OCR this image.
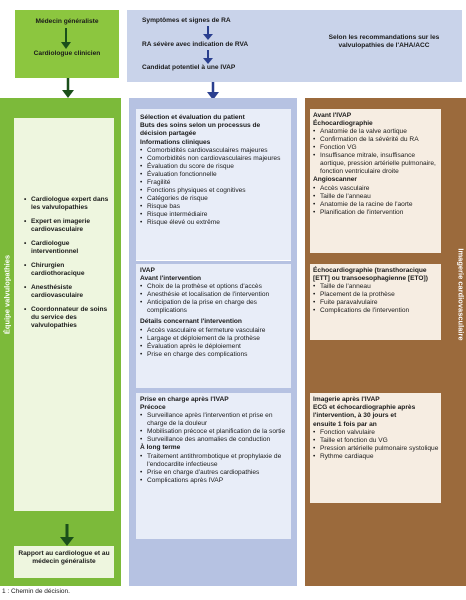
Médecin généraliste
Cardiologue clinicien
Symptômes et signes de RA
RA sévère avec indication de RVA
Candidat potentiel à une IVAP
Selon les recommandations sur les valvulopathies de l'AHA/ACC
Équipe valvulopathies
• Cardiologue expert dans les valvulopathies
• Expert en imagerie cardiovasculaire
• Cardiologue interventionnel
• Chirurgien cardiothoracique
• Anesthésiste cardiovasculaire
• Coordonnateur de soins du service des valvulopathies
Rapport au cardiologue et au médecin généraliste
Sélection et évaluation du patient
Buts des soins selon un processus de décision partagée
Informations cliniques
• Comorbidités cardiovasculaires majeures
• Comorbidités non cardiovasculaires majeures
• Évaluation du score de risque
• Évaluation fonctionnelle
• Fragilité
• Fonctions physiques et cognitives
• Catégories de risque
• Risque bas
• Risque intermédiaire
• Risque élevé ou extrême
IVAP
Avant l'intervention
• Choix de la prothèse et options d'accès
• Anesthésie et localisation de l'intervention
• Anticipation de la prise en charge des complications
Détails concernant l'intervention
• Accès vasculaire et fermeture vasculaire
• Largage et déploiement de la prothèse
• Évaluation après le déploiement
• Prise en charge des complications
Prise en charge après l'IVAP
Précoce
• Surveillance après l'intervention et prise en charge de la douleur
• Mobilisation précoce et planification de la sortie
• Surveillance des anomalies de conduction
À long terme
• Traitement antithrombotique et prophylaxie de l'endocardite infectieuse
• Prise en charge d'autres cardiopathies
• Complications après IVAP
Imagerie cardiovasculaire
Avant l'IVAP
Échocardiographie
• Anatomie de la valve aortique
• Confirmation de la sévérité du RA
• Fonction VG
• Insuffisance mitrale, insuffisance aortique, pression artérielle pulmonaire, fonction ventriculaire droite
Angioscanner
• Accès vasculaire
• Taille de l'anneau
• Anatomie de la racine de l'aorte
• Planification de l'intervention
Échocardiographie (transthoracique [ETT] ou transoesophagienne [ETO])
• Taille de l'anneau
• Placement de la prothèse
• Fuite paravalvulaire
• Complications de l'intervention
Imagerie après l'IVAP
ECG et échocardiographie après l'intervention, à 30 jours et ensuite 1 fois par an
• Fonction valvulaire
• Taille et fonction du VG
• Pression artérielle pulmonaire systolique
• Rythme cardiaque
1 : Chemin de décision.
